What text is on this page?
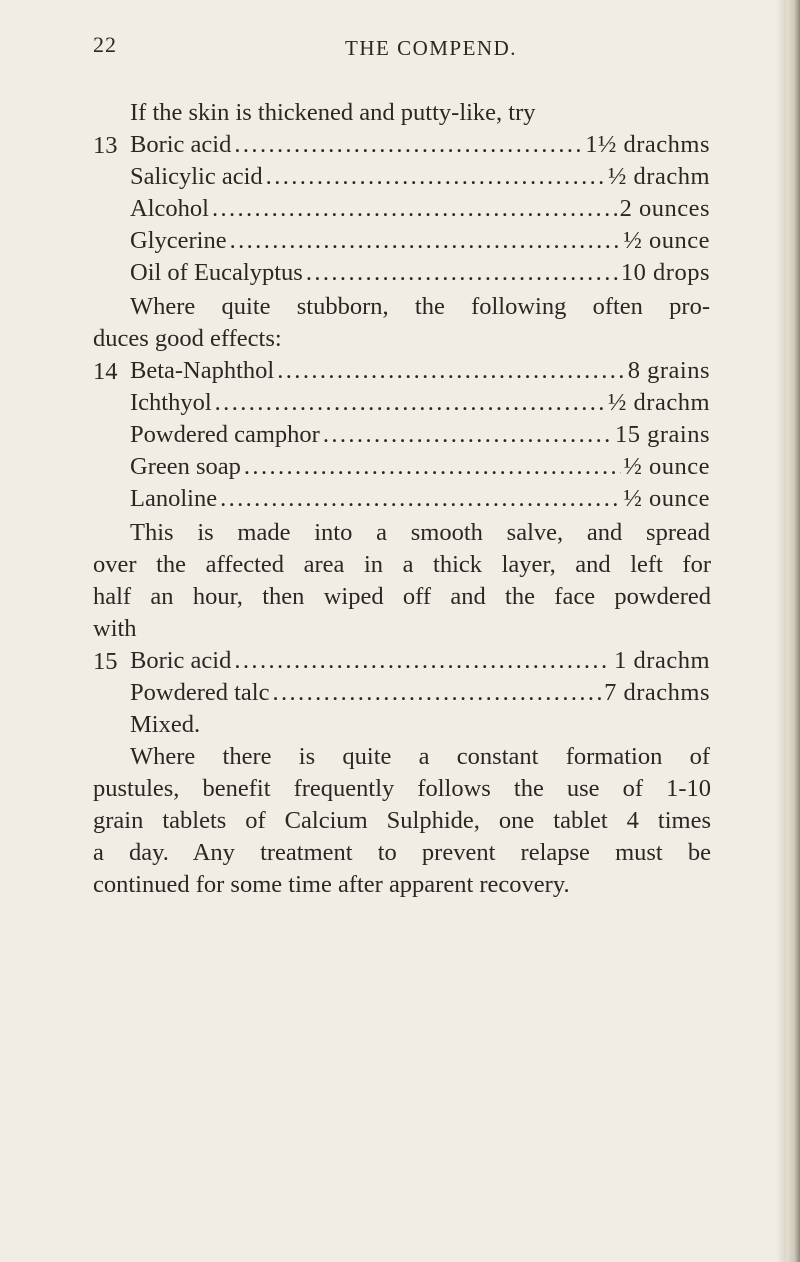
22	THE COMPEND.
If the skin is thickened and putty-like, try
13 Boric acid .....	1½ drachms
Salicylic acid .....	½ drachm
Alcohol .....	2 ounces
Glycerine .....	½ ounce
Oil of Eucalyptus .....	10 drops
Where quite stubborn, the following often pro-
duces good effects:
14 Beta-Naphthol .....	8 grains
Ichthyol .....	½ drachm
Powdered camphor .....	15 grains
Green soap .....	½ ounce
Lanoline .....	½ ounce
This is made into a smooth salve, and spread
over the affected area in a thick layer, and left for
half an hour, then wiped off and the face powdered
with
15 Boric acid .....	1 drachm
Powdered talc .....	7 drachms
Mixed.
Where there is quite a constant formation of
pustules, benefit frequently follows the use of 1-10
grain tablets of Calcium Sulphide, one tablet 4 times
a day. Any treatment to prevent relapse must be
continued for some time after apparent recovery.
